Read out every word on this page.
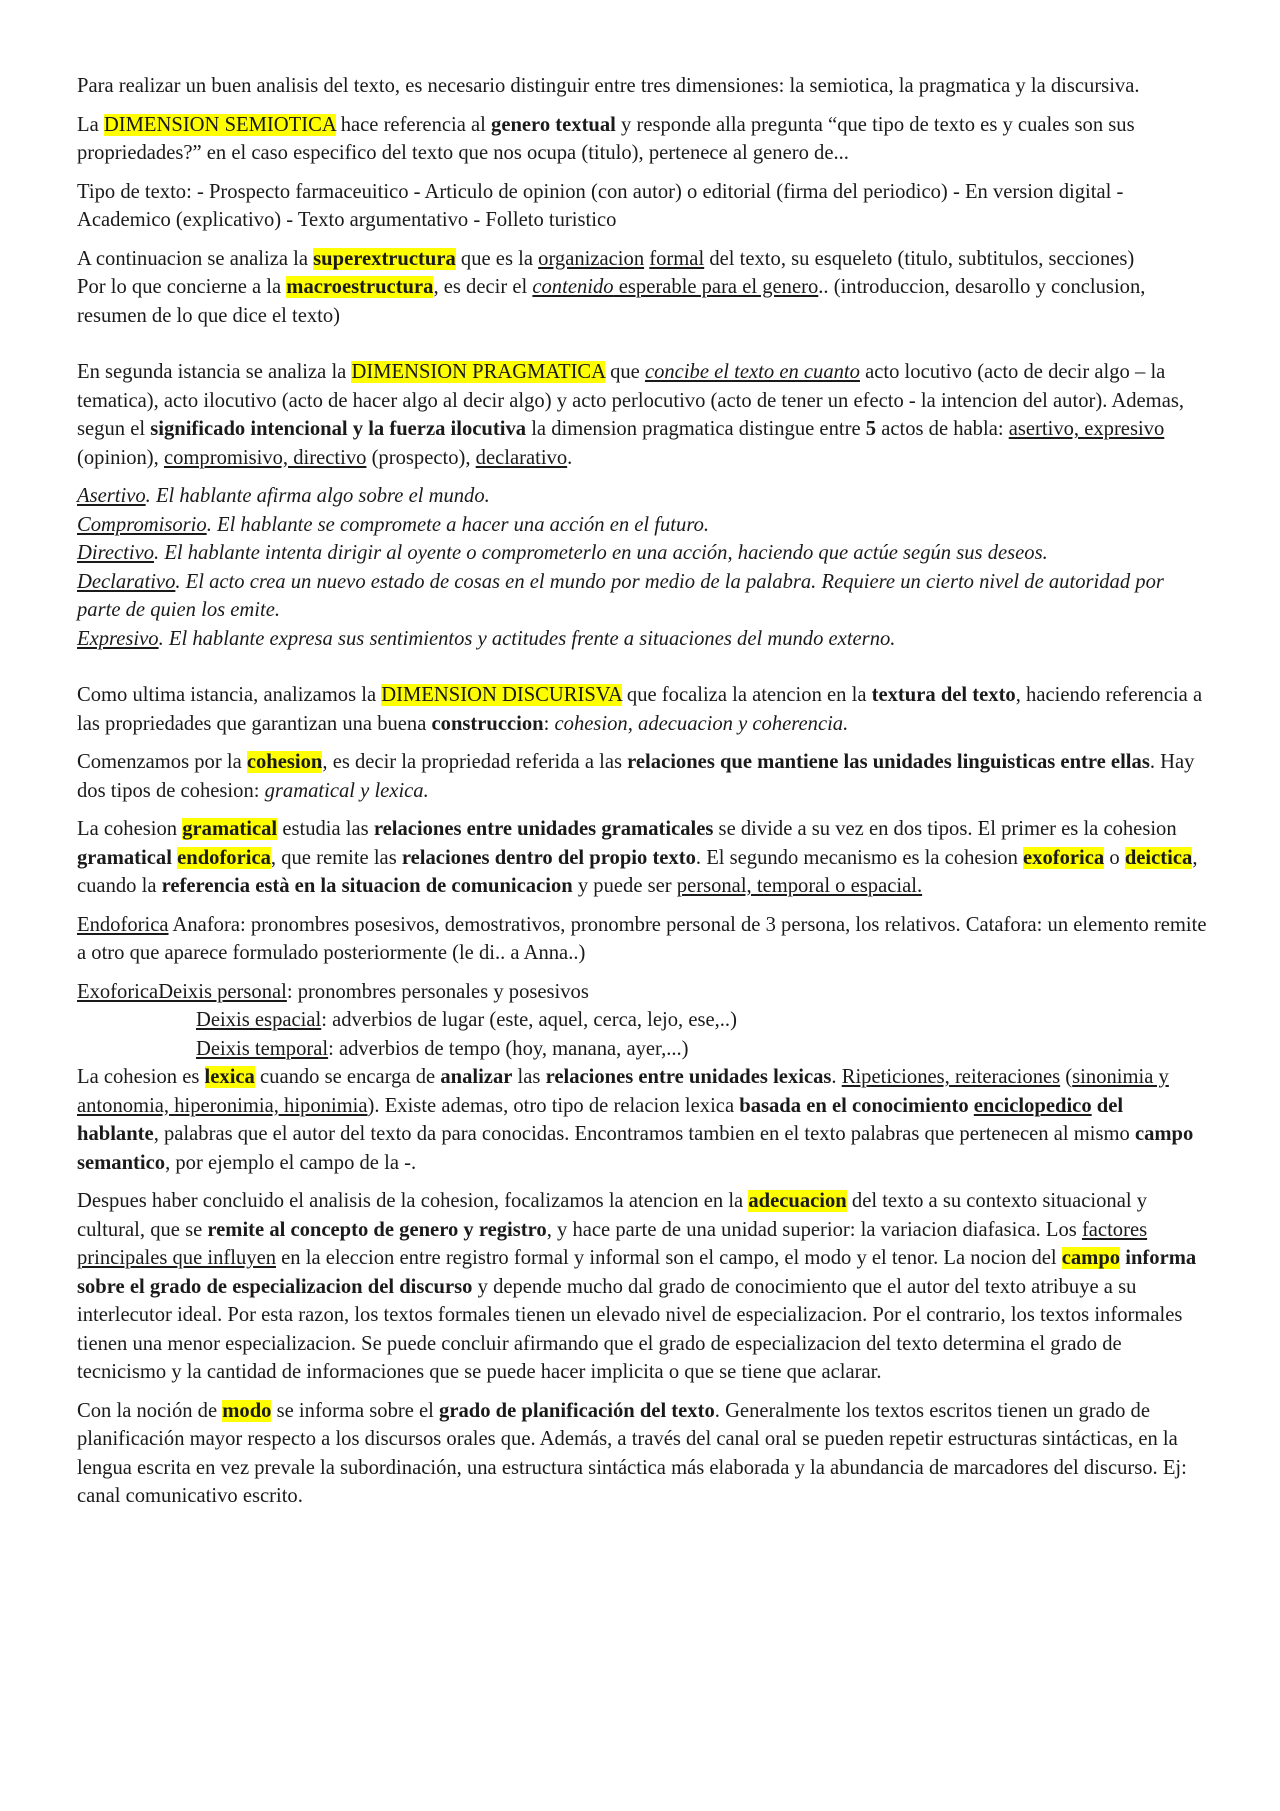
Para realizar un buen analisis del texto, es necesario distinguir entre tres dimensiones: la semiotica, la pragmatica y la discursiva.

La DIMENSION SEMIOTICA hace referencia al genero textual y responde alla pregunta “que tipo de texto es y cuales son sus propriedades?” en el caso especifico del texto que nos ocupa (titulo), pertenece al genero de...

Tipo de texto: - Prospecto farmaceuitico - Articulo de opinion (con autor) o editorial (firma del periodico) - En version digital - Academico (explicativo) - Texto argumentativo - Folleto turistico

A continuacion se analiza la superextructura que es la organizacion formal del texto, su esqueleto (titulo, subtitulos, secciones)

Por lo que concierne a la macroestructura, es decir el contenido esperable para el genero.. (introduccion, desarollo y conclusion, resumen de lo que dice el texto)

En segunda istancia se analiza la DIMENSION PRAGMATICA que concibe el texto en cuanto acto locutivo (acto de decir algo – la tematica), acto ilocutivo (acto de hacer algo al decir algo) y acto perlocutivo (acto de tener un efecto - la intencion del autor). Ademas, segun el significado intencional y la fuerza ilocutiva la dimension pragmatica distingue entre 5 actos de habla: asertivo, expresivo (opinion), compromisivo, directivo (prospecto), declarativo.

Asertivo. El hablante afirma algo sobre el mundo.

Compromisorio. El hablante se compromete a hacer una acción en el futuro.

Directivo. El hablante intenta dirigir al oyente o comprometerlo en una acción, haciendo que actúe según sus deseos.

Declarativo. El acto crea un nuevo estado de cosas en el mundo por medio de la palabra. Requiere un cierto nivel de autoridad por parte de quien los emite.

Expresivo. El hablante expresa sus sentimientos y actitudes frente a situaciones del mundo externo.

Como ultima istancia, analizamos la DIMENSION DISCURISVA que focaliza la atencion en la textura del texto, haciendo referencia a las propriedades que garantizan una buena construccion: cohesion, adecuacion y coherencia.

Comenzamos por la cohesion, es decir la propriedad referida a las relaciones que mantiene las unidades linguisticas entre ellas. Hay dos tipos de cohesion: gramatical y lexica.

La cohesion gramatical estudia las relaciones entre unidades gramaticales se divide a su vez en dos tipos. El primer es la cohesion gramatical endoforica, que remite las relaciones dentro del propio texto. El segundo mecanismo es la cohesion exoforica o deictica, cuando la referencia està en la situacion de comunicacion y puede ser personal, temporal o espacial.

Endoforica Anafora: pronombres posesivos, demostrativos, pronombre personal de 3 persona, los relativos. Catafora: un elemento remite a otro que aparece formulado posteriormente (le di.. a Anna..)

ExoforicaDeixis personal: pronombres personales y posesivos

Deixis espacial: adverbios de lugar (este, aquel, cerca, lejo, ese,..)

Deixis temporal: adverbios de tempo (hoy, manana, ayer,...)

La cohesion es lexica cuando se encarga de analizar las relaciones entre unidades lexicas. Ripeticiones, reiteraciones (sinonimia y antonomia, hiperonimia, hiponimia). Existe ademas, otro tipo de relacion lexica basada en el conocimiento enciclopedico del hablante, palabras que el autor del texto da para conocidas. Encontramos tambien en el texto palabras que pertenecen al mismo campo semantico, por ejemplo el campo de la -.

Despues haber concluido el analisis de la cohesion, focalizamos la atencion en la adecuacion del texto a su contexto situacional y cultural, que se remite al concepto de genero y registro, y hace parte de una unidad superior: la variacion diafasica. Los factores principales que influyen en la eleccion entre registro formal y informal son el campo, el modo y el tenor. La nocion del campo informa sobre el grado de especializacion del discurso y depende mucho dal grado de conocimiento que el autor del texto atribuye a su interlecutor ideal. Por esta razon, los textos formales tienen un elevado nivel de especializacion. Por el contrario, los textos informales tienen una menor especializacion. Se puede concluir afirmando que el grado de especializacion del texto determina el grado de tecnicismo y la cantidad de informaciones que se puede hacer implicita o que se tiene que aclarar.

Con la noción de modo se informa sobre el grado de planificación del texto. Generalmente los textos escritos tienen un grado de planificación mayor respecto a los discursos orales que. Además, a través del canal oral se pueden repetir estructuras sintácticas, en la lengua escrita en vez prevale la subordinación, una estructura sintáctica más elaborada y la abundancia de marcadores del discurso. Ej: canal comunicativo escrito.
